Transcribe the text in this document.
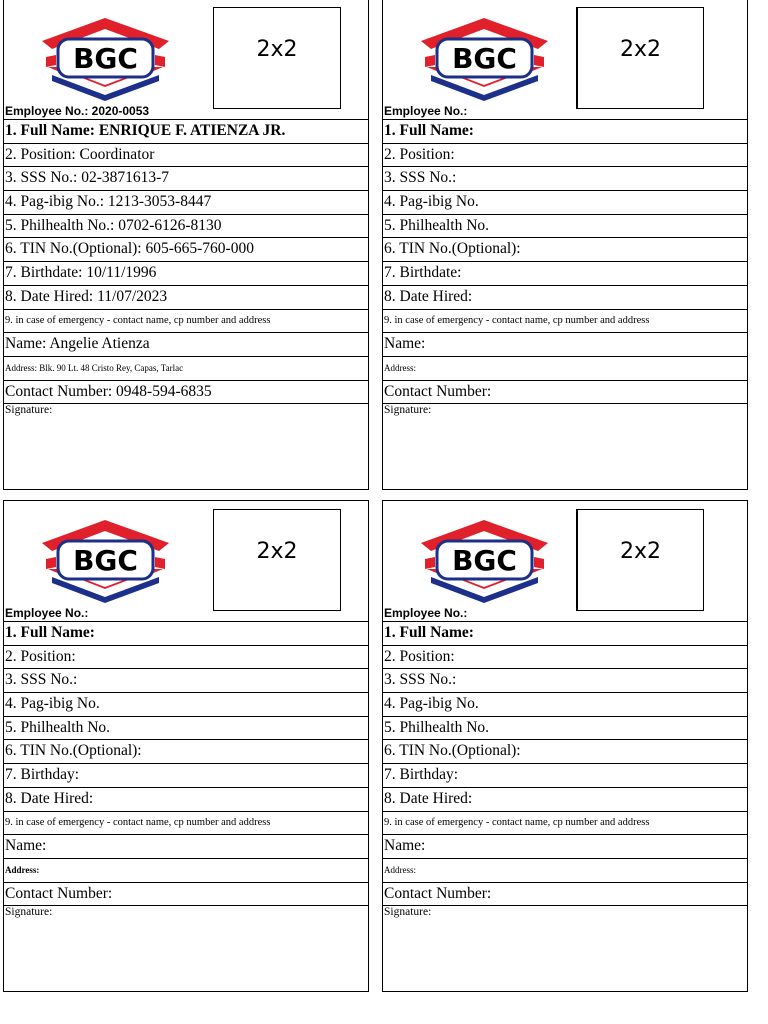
BGC	2x2
Employee No.: 2020-0053
1. Full Name: ENRIQUE F. ATIENZA JR.
2. Position: Coordinator
3. SSS No.: 02-3871613-7
4. Pag-ibig No.: 1213-3053-8447
5. Philhealth No.: 0702-6126-8130
6. TIN No.(Optional): 605-665-760-000
7. Birthdate: 10/11/1996
8. Date Hired: 11/07/2023
9. in case of emergency - contact name, cp number and address
Name: Angelie Atienza
Address: Blk. 90 Lt. 48 Cristo Rey, Capas, Tarlac
Contact Number: 0948-594-6835
Signature:
BGC	2x2
Employee No.:
1. Full Name:
2. Position:
3. SSS No.:
4. Pag-ibig No.
5. Philhealth No.
6. TIN No.(Optional):
7. Birthdate:
8. Date Hired:
9. in case of emergency - contact name, cp number and address
Name:
Address:
Contact Number:
Signature:
BGC	2x2
Employee No.:
1. Full Name:
2. Position:
3. SSS No.:
4. Pag-ibig No.
5. Philhealth No.
6. TIN No.(Optional):
7. Birthday:
8. Date Hired:
9. in case of emergency - contact name, cp number and address
Name:
Address:
Contact Number:
Signature:
BGC	2x2
Employee No.:
1. Full Name:
2. Position:
3. SSS No.:
4. Pag-ibig No.
5. Philhealth No.
6. TIN No.(Optional):
7. Birthday:
8. Date Hired:
9. in case of emergency - contact name, cp number and address
Name:
Address:
Contact Number:
Signature:
